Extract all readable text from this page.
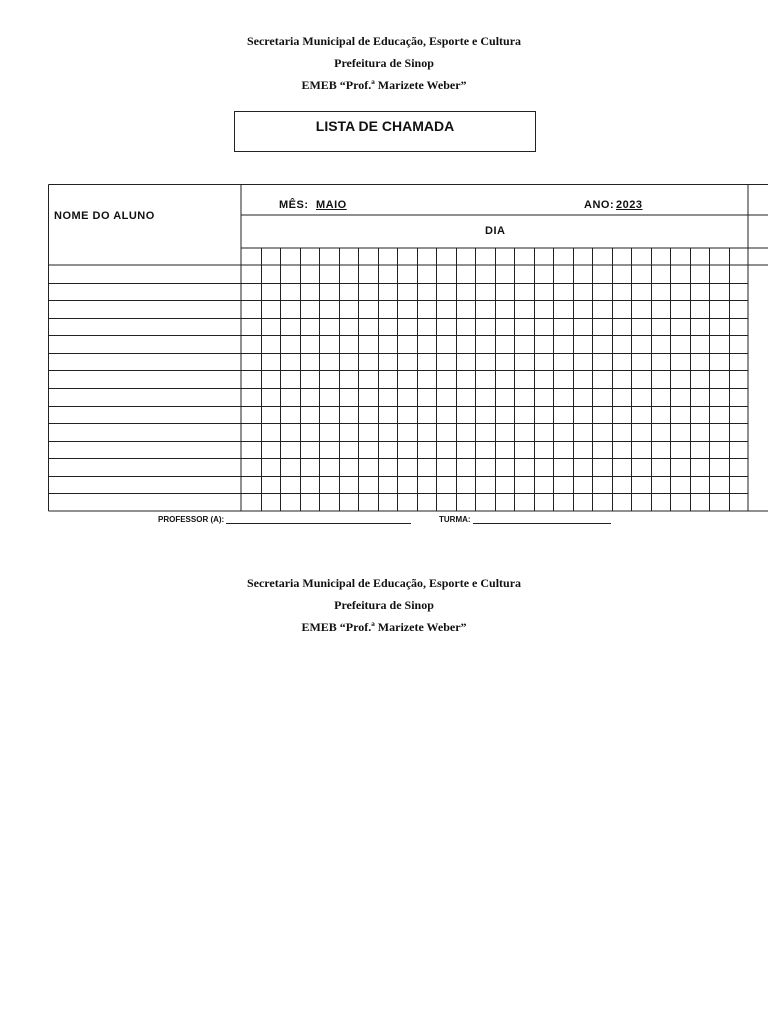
Secretaria Municipal de Educação, Esporte e Cultura
Prefeitura de Sinop
EMEB “Prof.ª Marizete Weber”
LISTA DE CHAMADA
NOME DO ALUNO
MÊS: MAIO	ANO: 2023
DIA
PROFESSOR (A):	TURMA:
Secretaria Municipal de Educação, Esporte e Cultura
Prefeitura de Sinop
EMEB “Prof.ª Marizete Weber”
